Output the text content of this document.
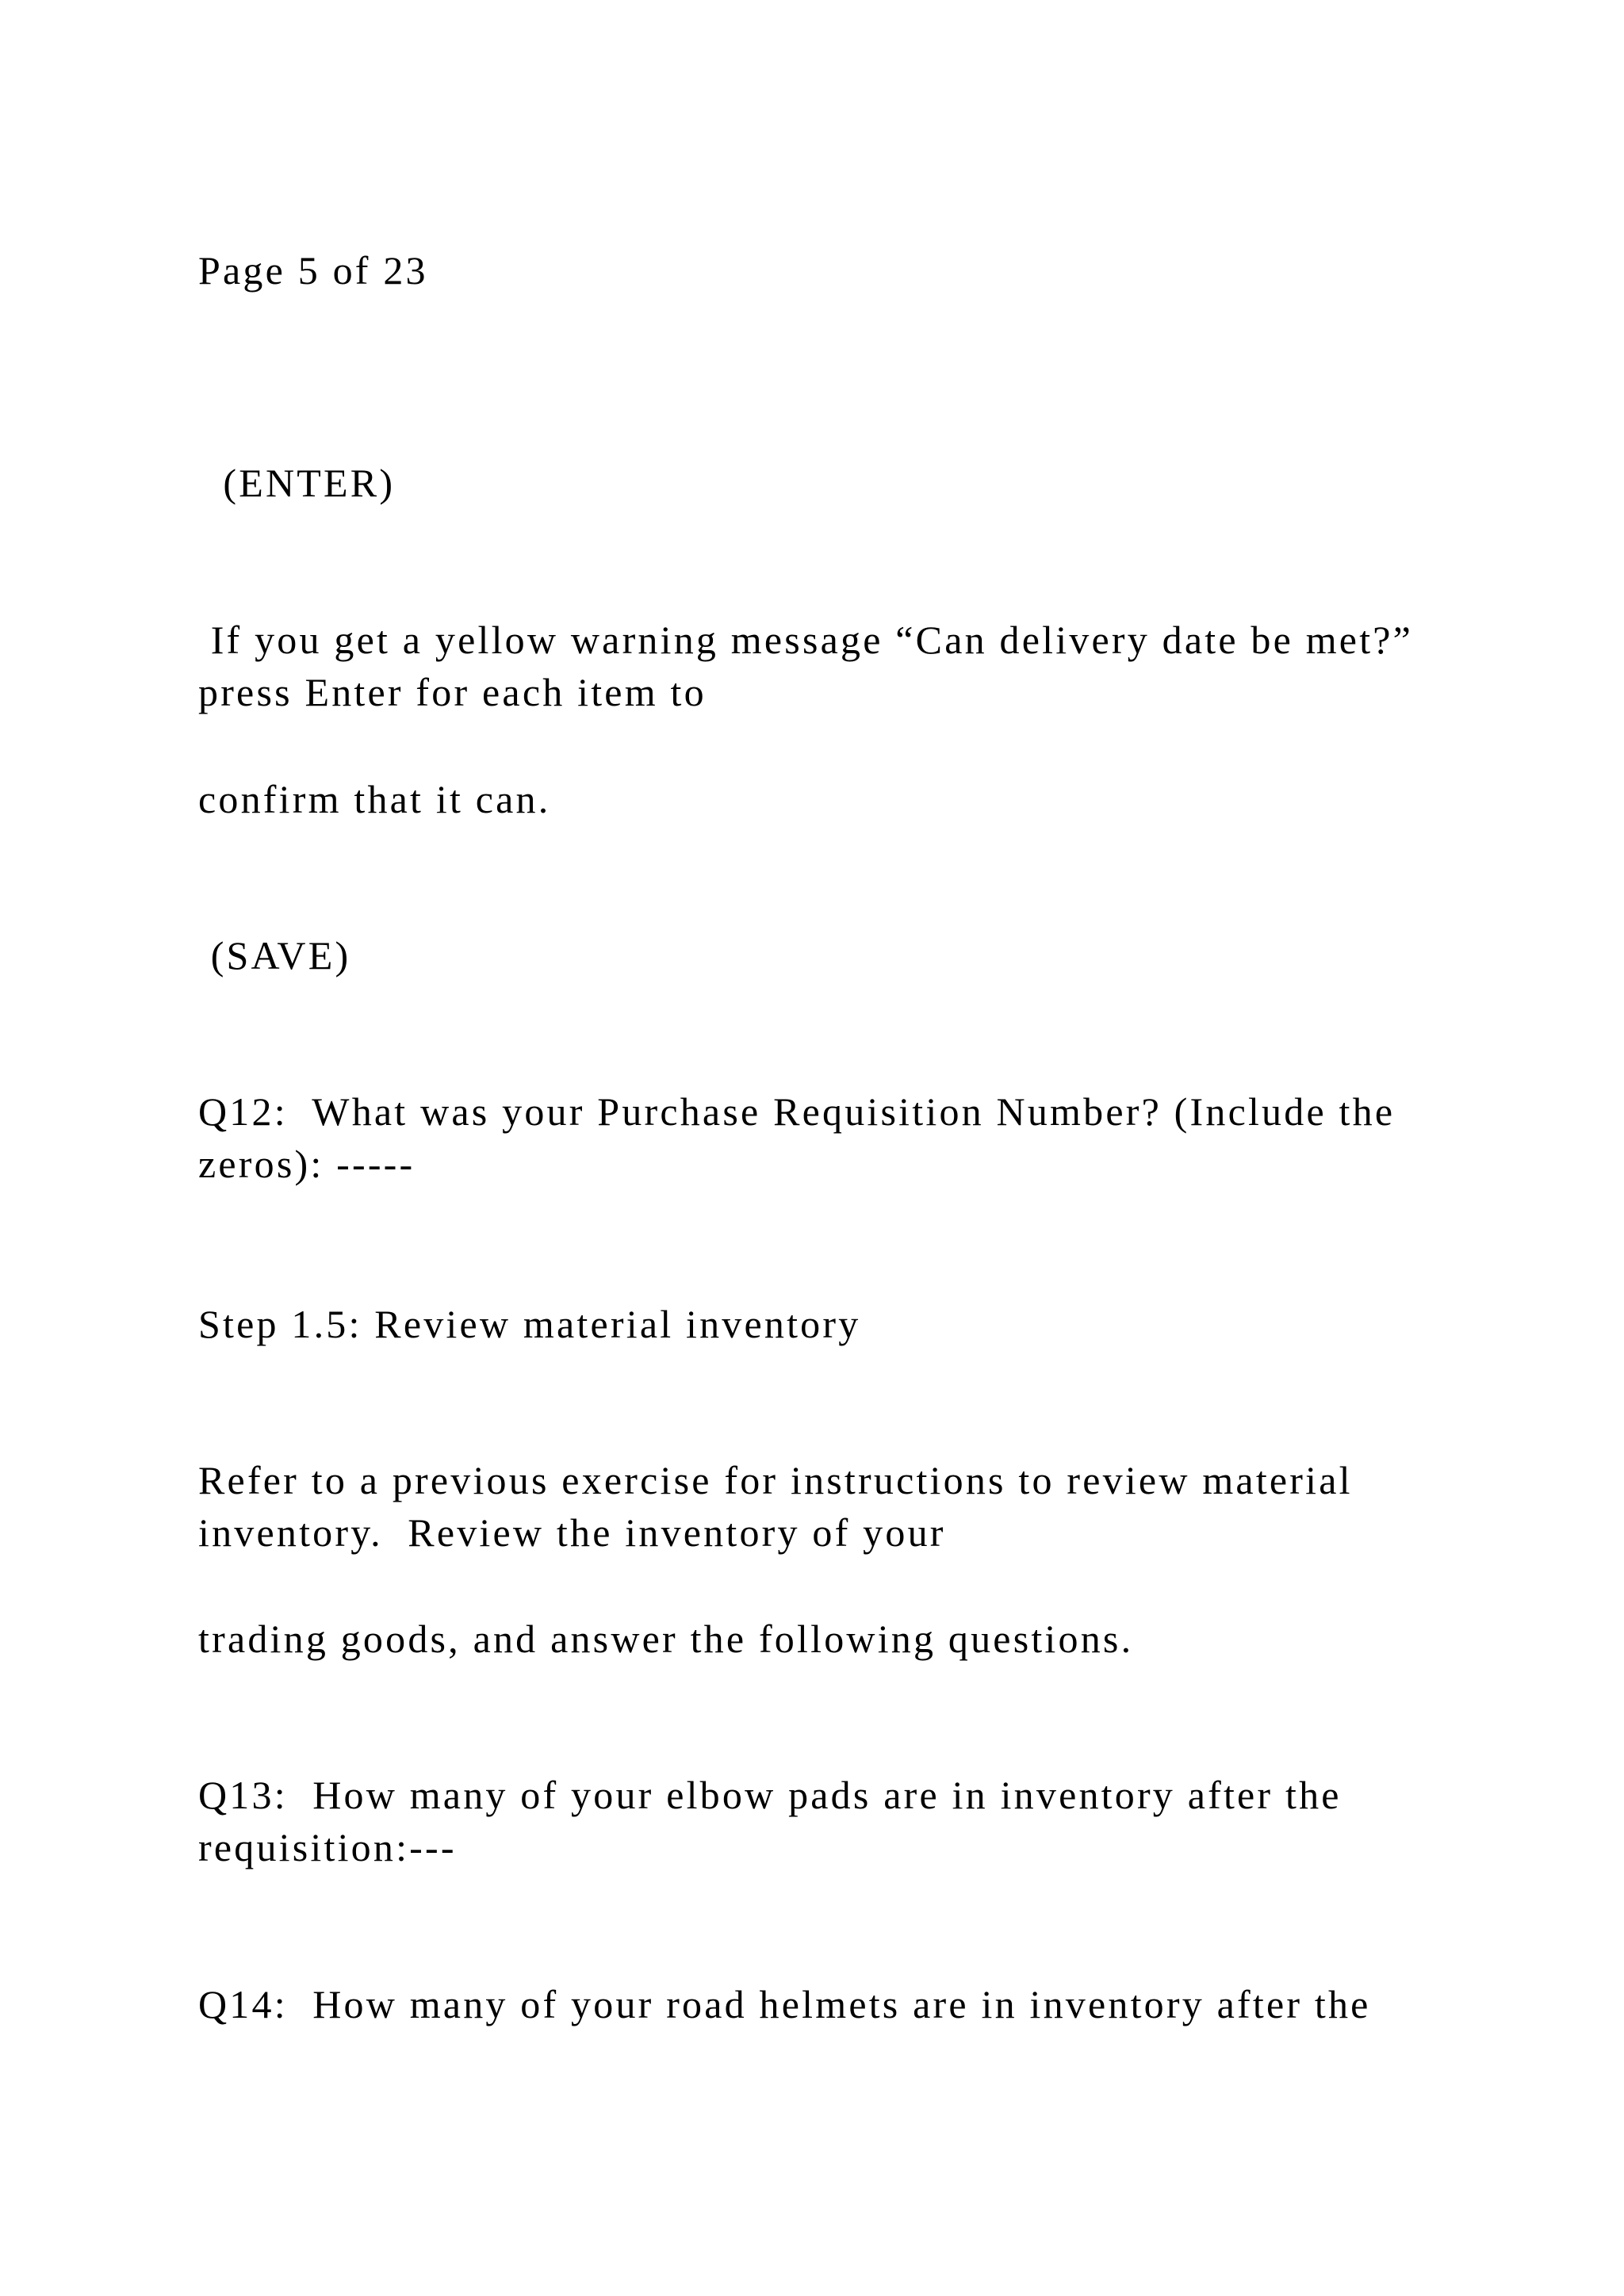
Page 5 of 23

(ENTER)

If you get a yellow warning message “Can delivery date be met?” press Enter for each item to

confirm that it can.

(SAVE)

Q12:  What was your Purchase Requisition Number? (Include the zeros): -----

Step 1.5: Review material inventory

Refer to a previous exercise for instructions to review material inventory.  Review the inventory of your

trading goods, and answer the following questions.

Q13:  How many of your elbow pads are in inventory after the requisition:---

Q14:  How many of your road helmets are in inventory after the
